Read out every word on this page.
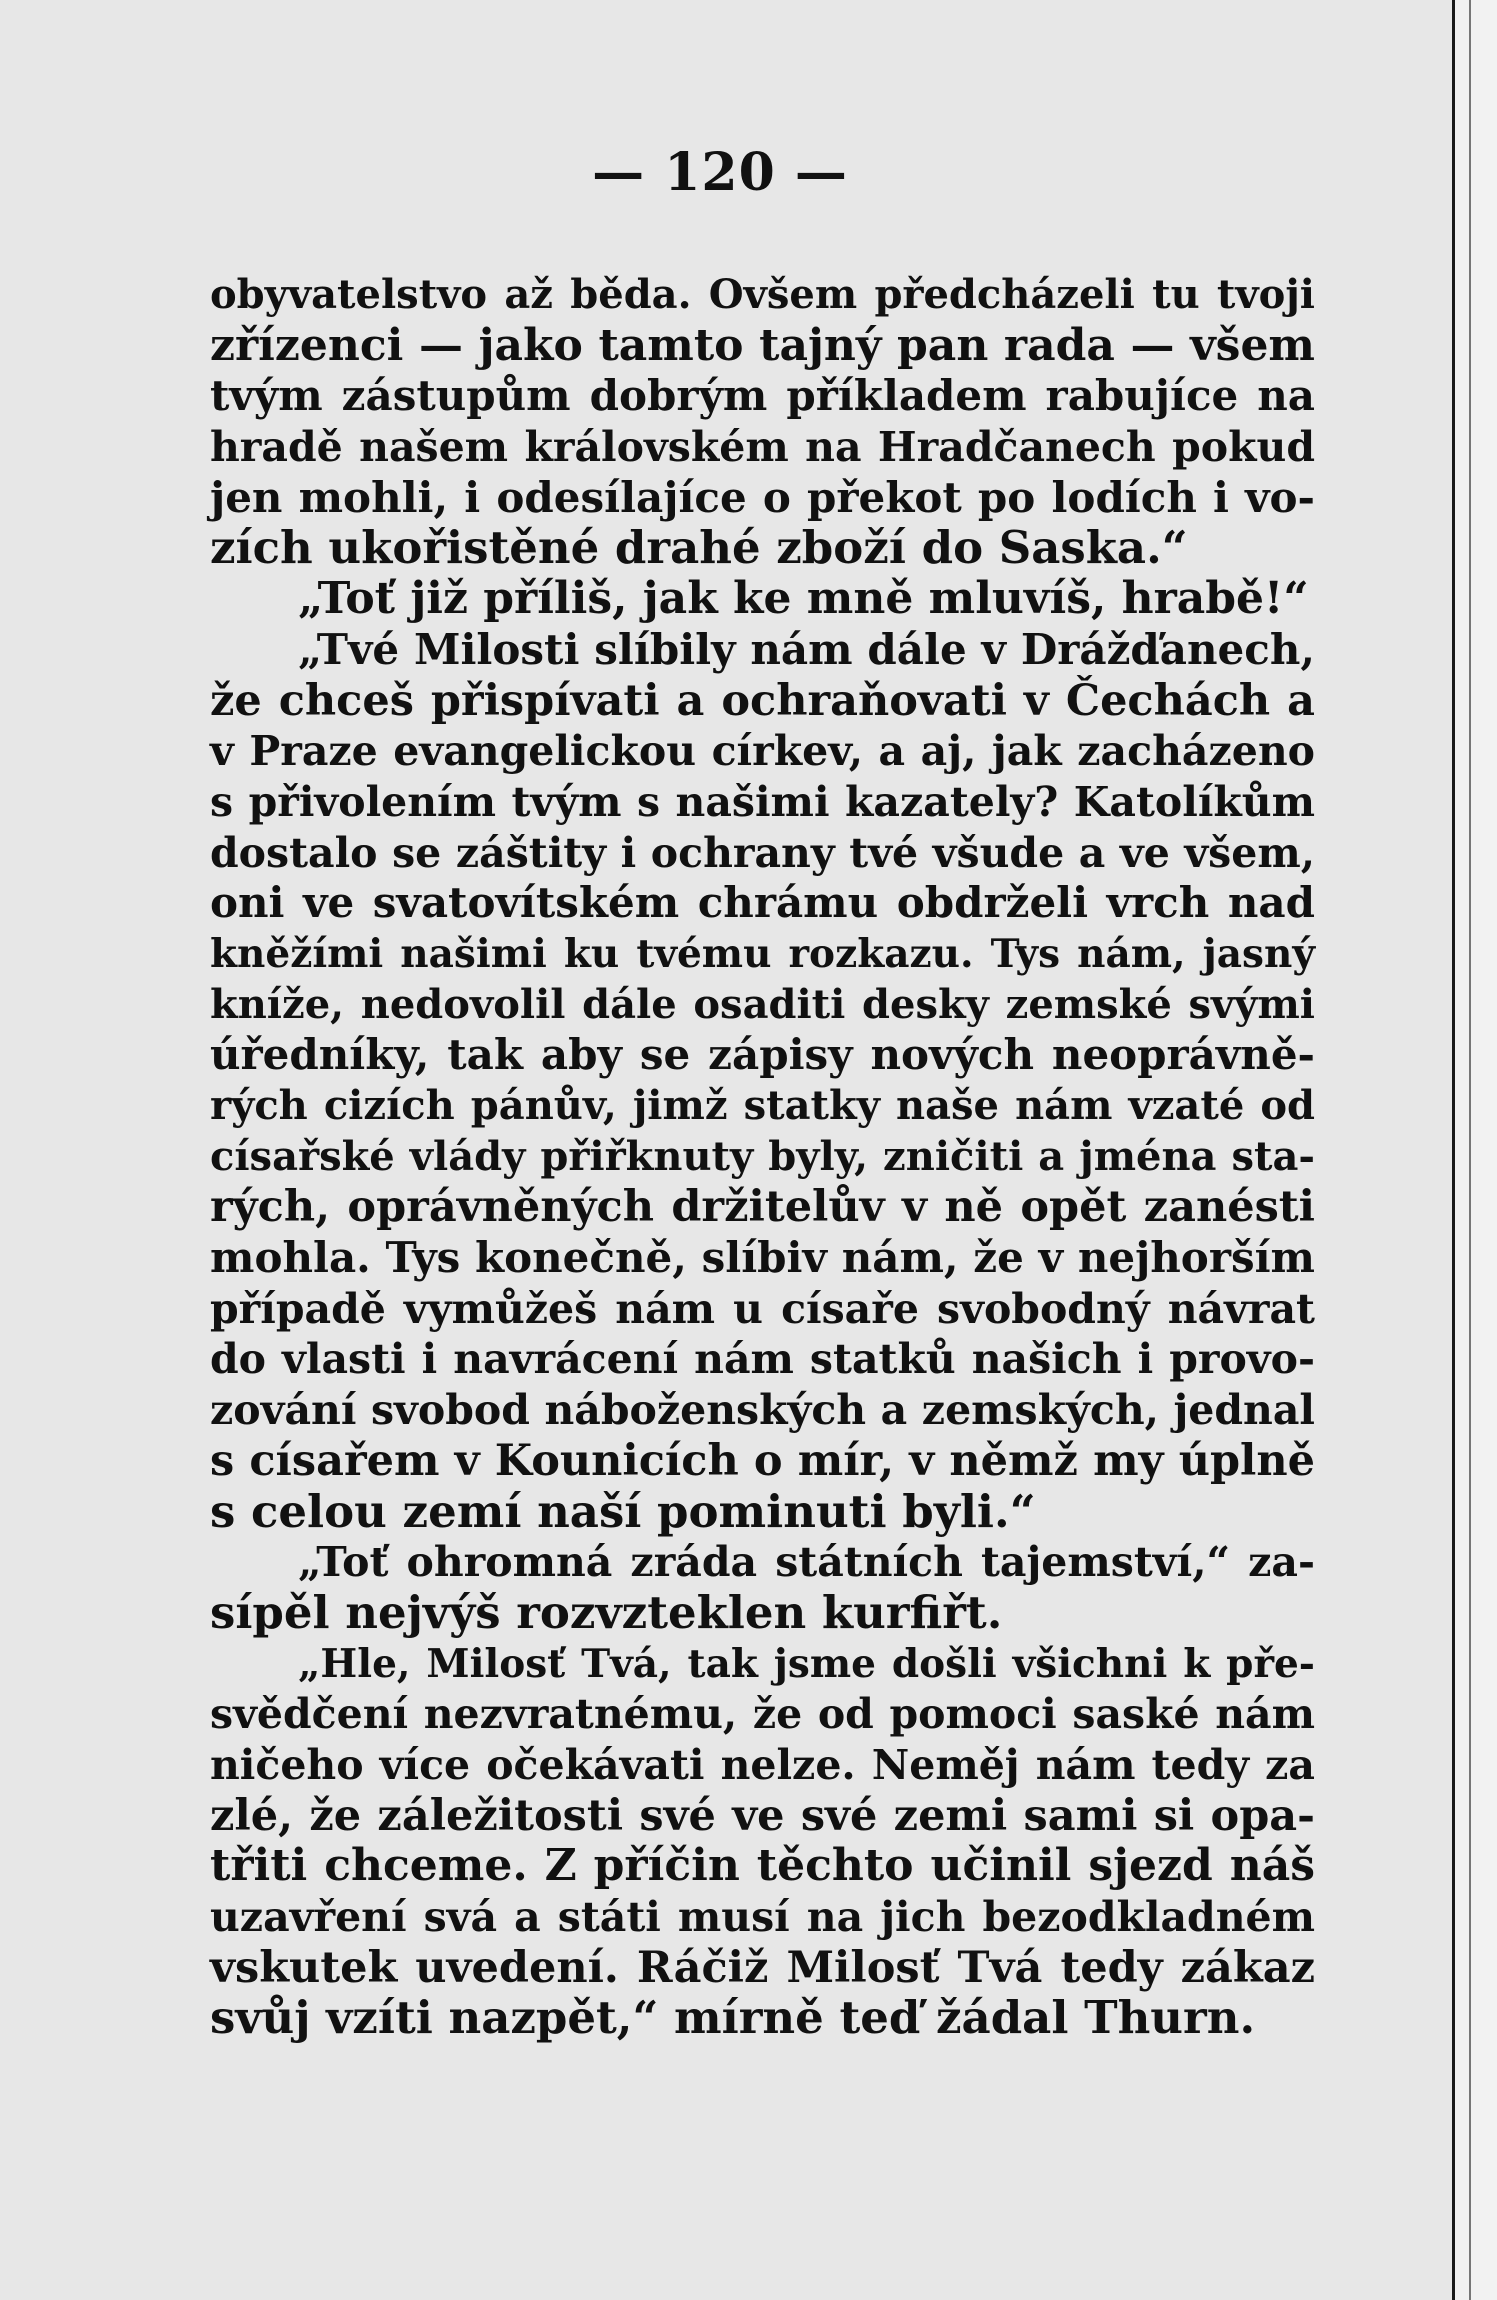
— 120 —
obyvatelstvo až běda. Ovšem předcházeli tu tvoji
zřízenci — jako tamto tajný pan rada — všem
tvým zástupům dobrým příkladem rabujíce na
hradě našem královském na Hradčanech pokud
jen mohli, i odesílajíce o překot po lodích i vo-
zích ukořistěné drahé zboží do Saska.“
„Toť již příliš, jak ke mně mluvíš, hrabě!“
„Tvé Milosti slíbily nám dále v Drážďanech,
že chceš přispívati a ochraňovati v Čechách a
v Praze evangelickou církev, a aj, jak zacházeno
s přivolením tvým s našimi kazately? Katolíkům
dostalo se záštity i ochrany tvé všude a ve všem,
oni ve svatovítském chrámu obdrželi vrch nad
kněžími našimi ku tvému rozkazu. Tys nám, jasný
kníže, nedovolil dále osaditi desky zemské svými
úředníky, tak aby se zápisy nových neoprávně-
rých cizích pánův, jimž statky naše nám vzaté od
císařské vlády přiřknuty byly, zničiti a jména sta-
rých, oprávněných držitelův v ně opět zanésti
mohla. Tys konečně, slíbiv nám, že v nejhorším
případě vymůžeš nám u císaře svobodný návrat
do vlasti i navrácení nám statků našich i provo-
zování svobod náboženských a zemských, jednal
s císařem v Kounicích o mír, v němž my úplně
s celou zemí naší pominuti byli.“
„Toť ohromná zráda státních tajemství,“ za-
sípěl nejvýš rozvzteklen kurfiřt.
„Hle, Milosť Tvá, tak jsme došli všichni k pře-
svědčení nezvratnému, že od pomoci saské nám
ničeho více očekávati nelze. Neměj nám tedy za
zlé, že záležitosti své ve své zemi sami si opa-
třiti chceme. Z příčin těchto učinil sjezd náš
uzavření svá a státi musí na jich bezodkladném
vskutek uvedení. Ráčiž Milosť Tvá tedy zákaz
svůj vzíti nazpět,“ mírně teď žádal Thurn.
